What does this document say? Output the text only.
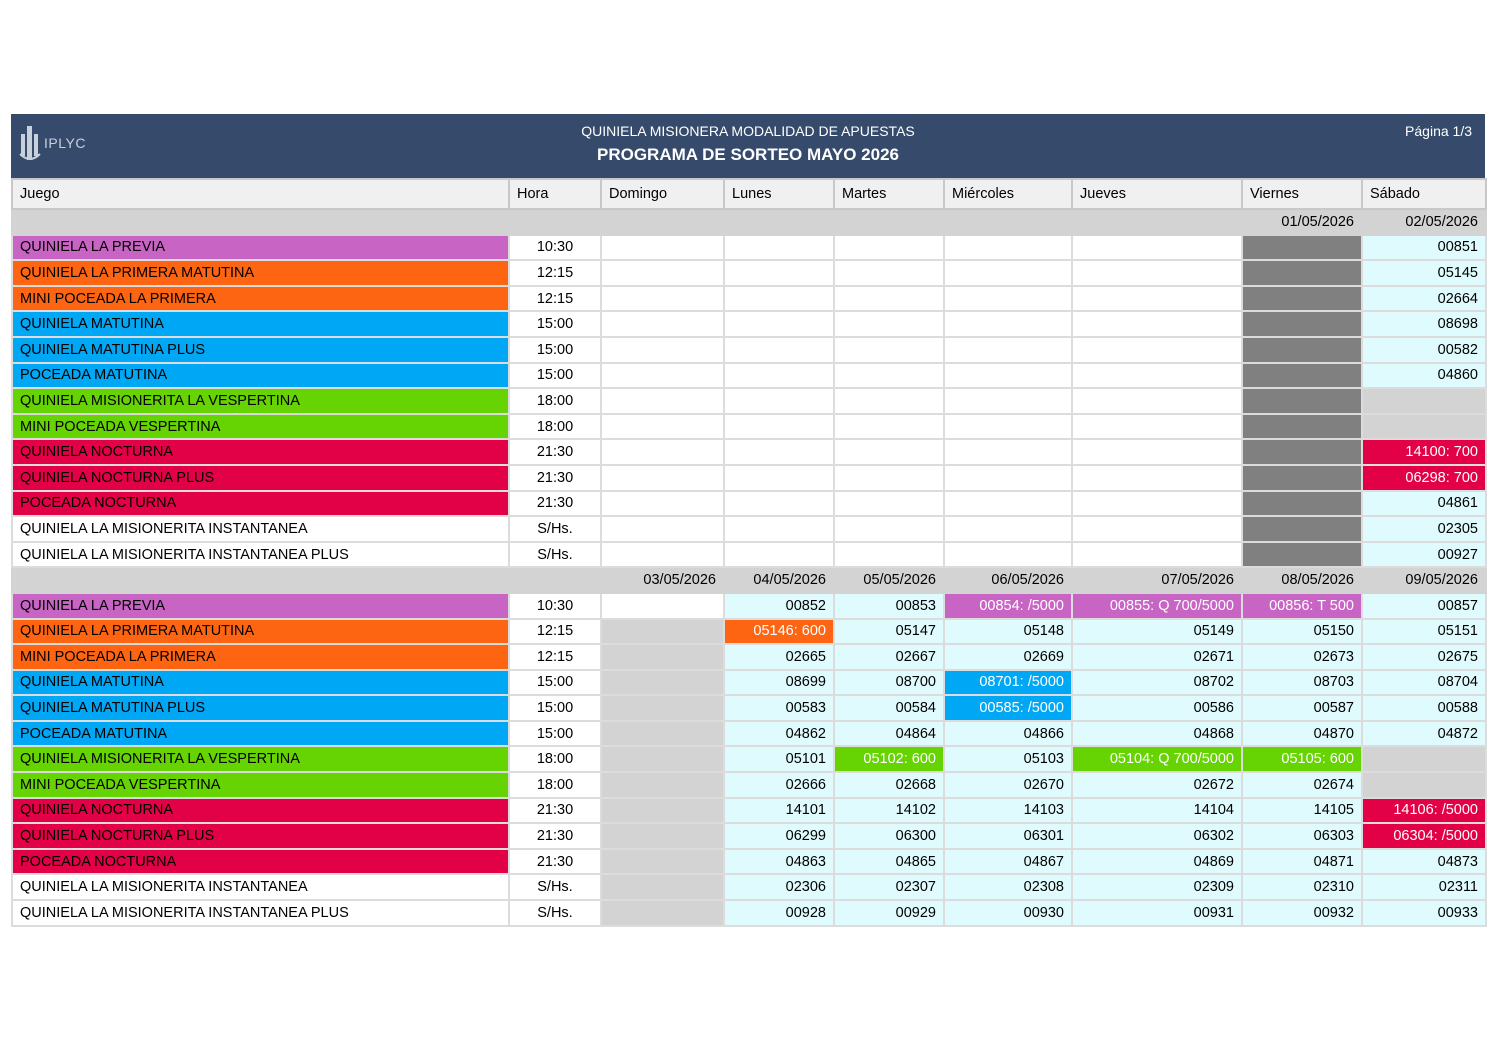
IPLYC
QUINIELA MISIONERA MODALIDAD DE APUESTAS
PROGRAMA DE SORTEO MAYO 2026
Página 1/3
Juego	Hora	Domingo	Lunes	Martes	Miércoles	Jueves	Viernes	Sábado
							01/05/2026	02/05/2026
QUINIELA LA PREVIA	10:30							00851
QUINIELA LA PRIMERA MATUTINA	12:15							05145
MINI POCEADA LA PRIMERA	12:15							02664
QUINIELA MATUTINA	15:00							08698
QUINIELA MATUTINA PLUS	15:00							00582
POCEADA MATUTINA	15:00							04860
QUINIELA MISIONERITA LA VESPERTINA	18:00							
MINI POCEADA VESPERTINA	18:00							
QUINIELA NOCTURNA	21:30							14100: 700
QUINIELA NOCTURNA PLUS	21:30							06298: 700
POCEADA NOCTURNA	21:30							04861
QUINIELA LA MISIONERITA INSTANTANEA	S/Hs.							02305
QUINIELA LA MISIONERITA INSTANTANEA PLUS	S/Hs.							00927
		03/05/2026	04/05/2026	05/05/2026	06/05/2026	07/05/2026	08/05/2026	09/05/2026
QUINIELA LA PREVIA	10:30		00852	00853	00854: /5000	00855: Q 700/5000	00856: T 500	00857
QUINIELA LA PRIMERA MATUTINA	12:15		05146: 600	05147	05148	05149	05150	05151
MINI POCEADA LA PRIMERA	12:15		02665	02667	02669	02671	02673	02675
QUINIELA MATUTINA	15:00		08699	08700	08701: /5000	08702	08703	08704
QUINIELA MATUTINA PLUS	15:00		00583	00584	00585: /5000	00586	00587	00588
POCEADA MATUTINA	15:00		04862	04864	04866	04868	04870	04872
QUINIELA MISIONERITA LA VESPERTINA	18:00		05101	05102: 600	05103	05104: Q 700/5000	05105: 600	
MINI POCEADA VESPERTINA	18:00		02666	02668	02670	02672	02674	
QUINIELA NOCTURNA	21:30		14101	14102	14103	14104	14105	14106: /5000
QUINIELA NOCTURNA PLUS	21:30		06299	06300	06301	06302	06303	06304: /5000
POCEADA NOCTURNA	21:30		04863	04865	04867	04869	04871	04873
QUINIELA LA MISIONERITA INSTANTANEA	S/Hs.		02306	02307	02308	02309	02310	02311
QUINIELA LA MISIONERITA INSTANTANEA PLUS	S/Hs.		00928	00929	00930	00931	00932	00933
